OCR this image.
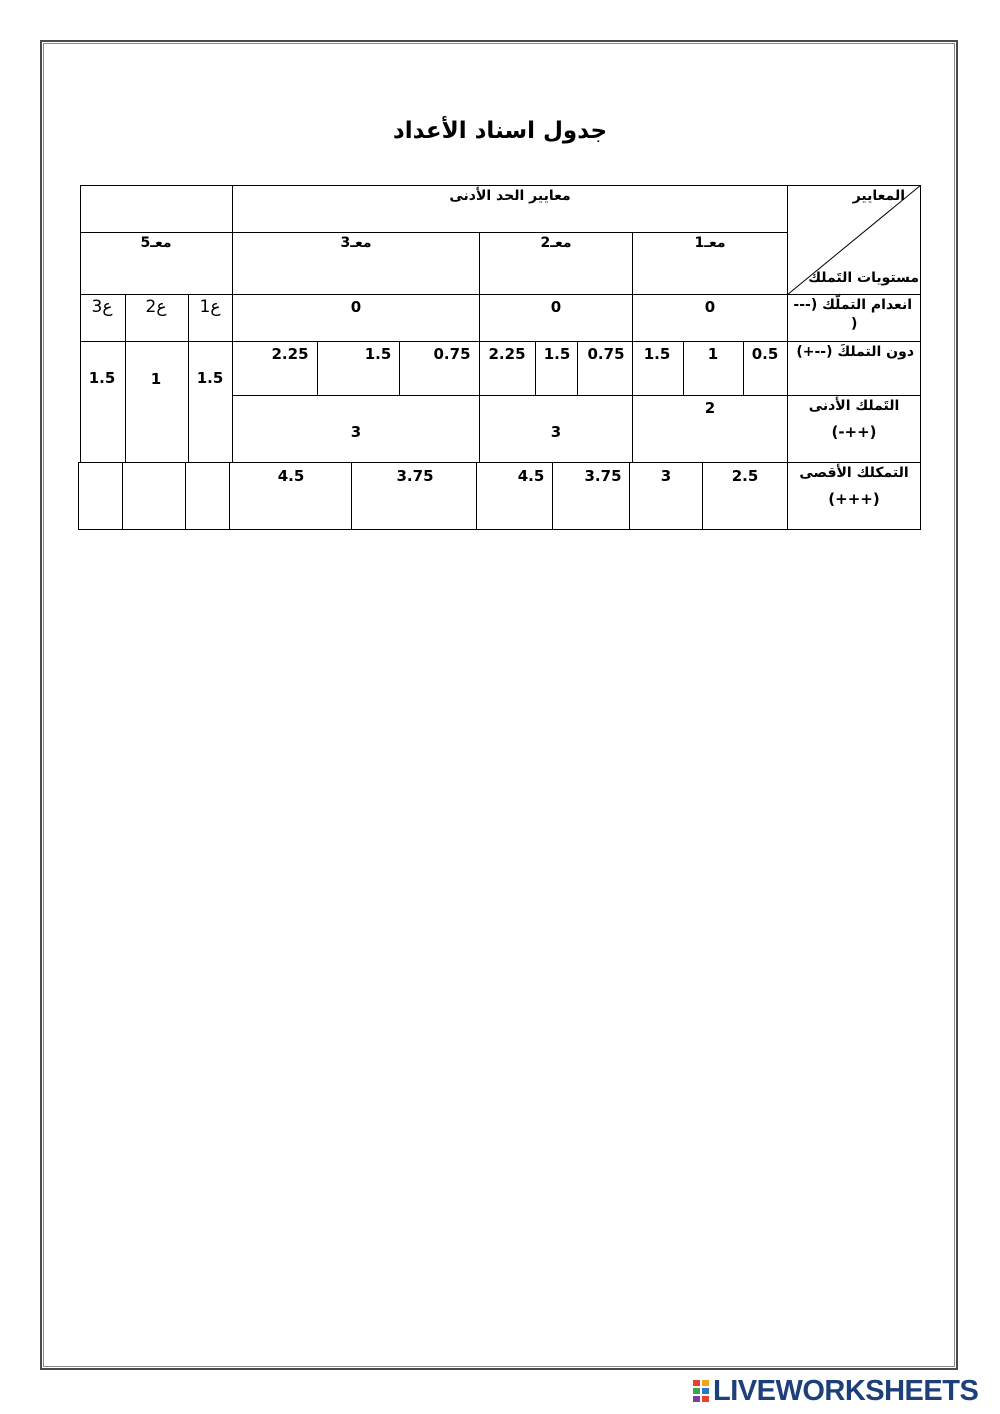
جدول اسناد الأعداد
المعايير
مستويات التَملك
معايير الحد الأدنى
معـ1
معـ2
معـ3
معـ5
ع1
ع2
ع3	انعدام التملّك (---
)
دون التملكَ (--+)
التَملك الأدنى
(-++)
التمكلك الأقصى
(+++)
0
0
0
0.5
1
1.5
0.75
1.5
2.25
0.75
1.5
2.25
1.5
1
1.5
2
3
3
2.5
3
3.75
4.5
3.75
4.5
LIVEWORKSHEETS
